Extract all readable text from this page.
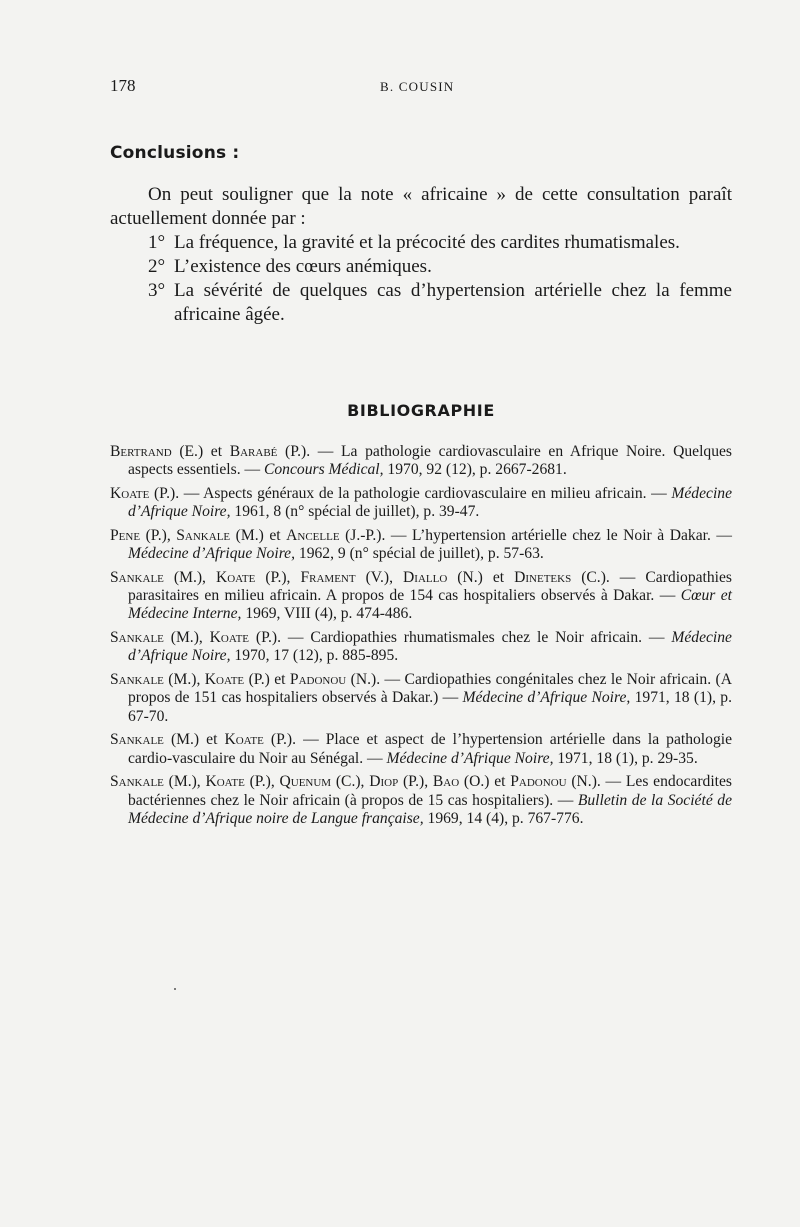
178	B. COUSIN
Conclusions :

On peut souligner que la note « africaine » de cette consultation paraît actuellement donnée par :

1° La fréquence, la gravité et la précocité des cardites rhumatismales.

2° L’existence des cœurs anémiques.

3° La sévérité de quelques cas d’hypertension artérielle chez la femme africaine âgée.

BIBLIOGRAPHIE

Bertrand (E.) et Barabé (P.). — La pathologie cardiovasculaire en Afrique Noire. Quelques aspects essentiels. — Concours Médical, 1970, 92 (12), p. 2667-2681.

Koate (P.). — Aspects généraux de la pathologie cardiovasculaire en milieu africain. — Médecine d’Afrique Noire, 1961, 8 (n° spécial de juillet), p. 39-47.

Pene (P.), Sankale (M.) et Ancelle (J.-P.). — L’hypertension artérielle chez le Noir à Dakar. — Médecine d’Afrique Noire, 1962, 9 (n° spécial de juillet), p. 57-63.

Sankale (M.), Koate (P.), Frament (V.), Diallo (N.) et Dineteks (C.). — Cardiopathies parasitaires en milieu africain. A propos de 154 cas hospitaliers observés à Dakar. — Cœur et Médecine Interne, 1969, VIII (4), p. 474-486.

Sankale (M.), Koate (P.). — Cardiopathies rhumatismales chez le Noir africain. — Médecine d’Afrique Noire, 1970, 17 (12), p. 885-895.

Sankale (M.), Koate (P.) et Padonou (N.). — Cardiopathies congénitales chez le Noir africain. (A propos de 151 cas hospitaliers observés à Dakar.) — Médecine d’Afrique Noire, 1971, 18 (1), p. 67-70.

Sankale (M.) et Koate (P.). — Place et aspect de l’hypertension artérielle dans la pathologie cardio-vasculaire du Noir au Sénégal. — Médecine d’Afrique Noire, 1971, 18 (1), p. 29-35.

Sankale (M.), Koate (P.), Quenum (C.), Diop (P.), Bao (O.) et Padonou (N.). — Les endocardites bactériennes chez le Noir africain (à propos de 15 cas hospitaliers). — Bulletin de la Société de Médecine d’Afrique noire de Langue française, 1969, 14 (4), p. 767-776.
